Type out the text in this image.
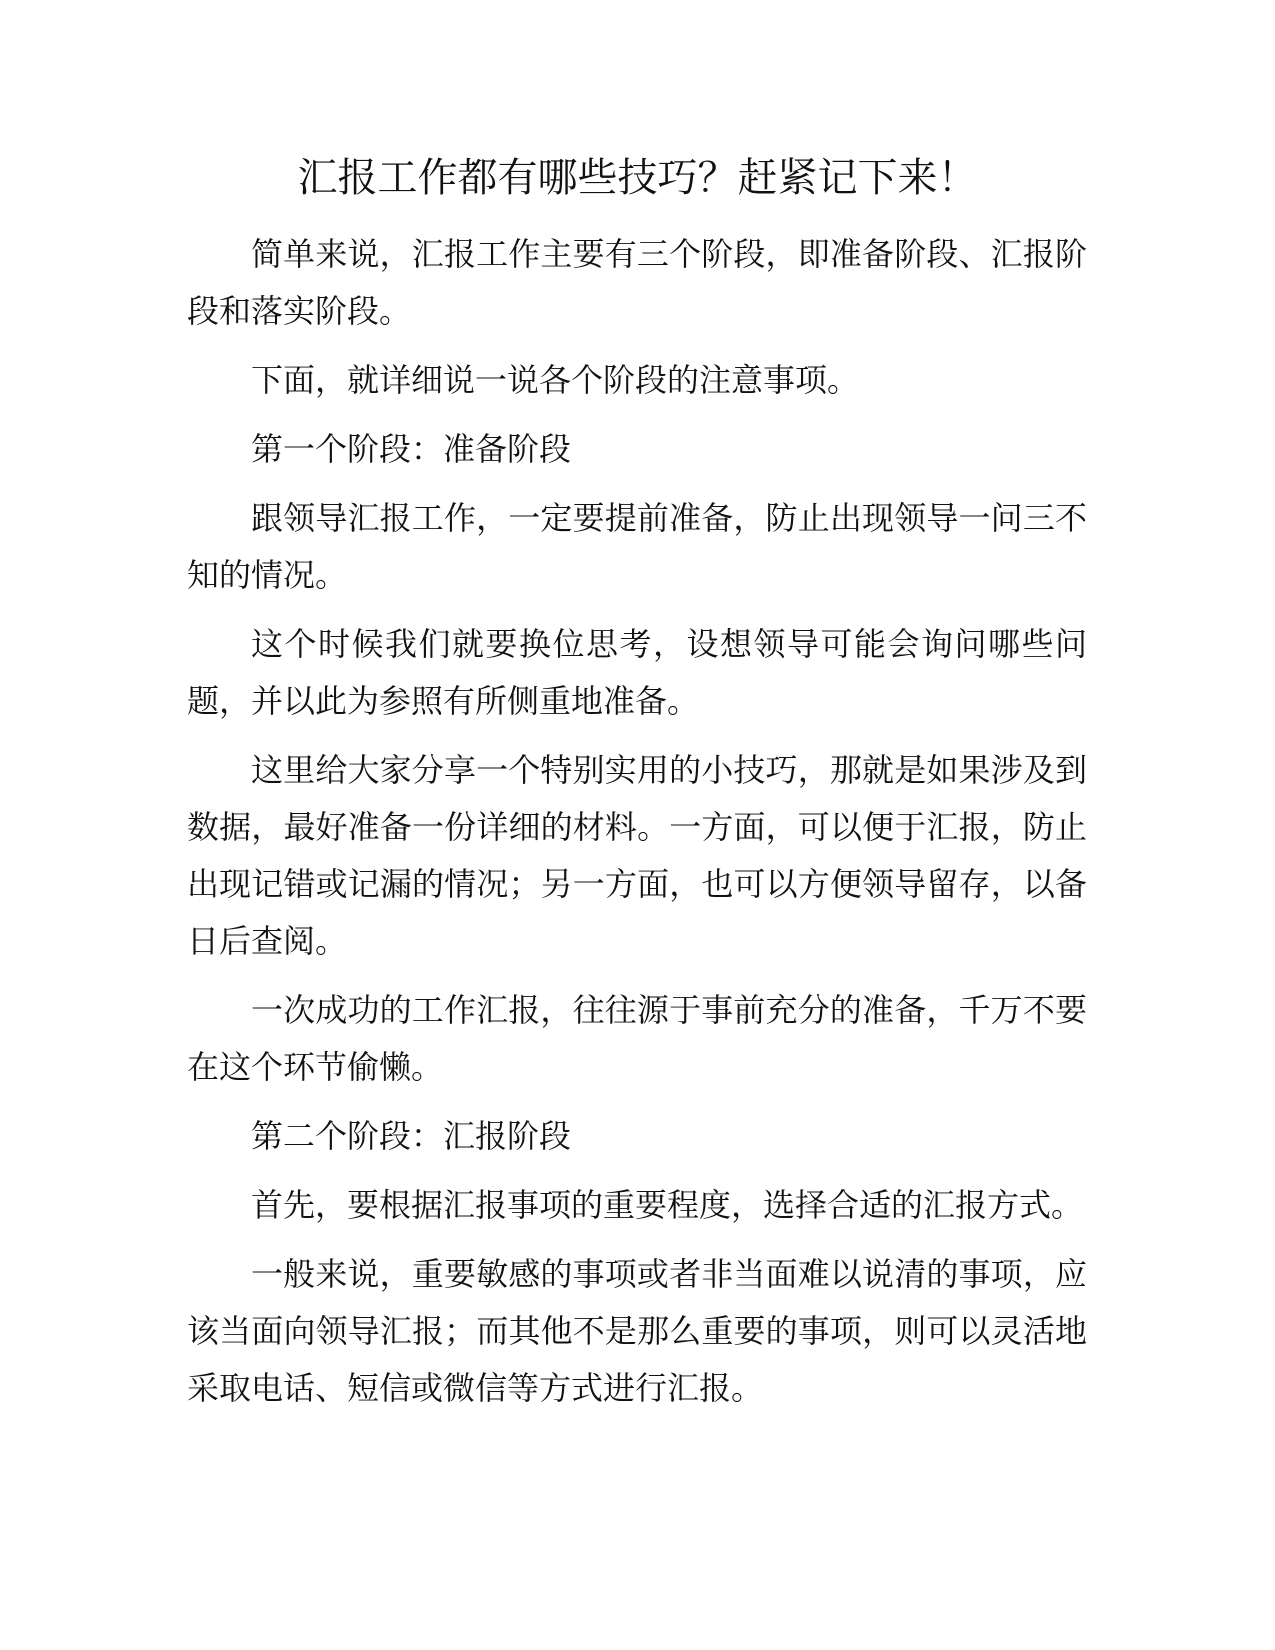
汇报工作都有哪些技巧？赶紧记下来！

简单来说，汇报工作主要有三个阶段，即准备阶段、汇报阶段和落实阶段。

下面，就详细说一说各个阶段的注意事项。

第一个阶段：准备阶段

跟领导汇报工作，一定要提前准备，防止出现领导一问三不知的情况。

这个时候我们就要换位思考，设想领导可能会询问哪些问题，并以此为参照有所侧重地准备。

这里给大家分享一个特别实用的小技巧，那就是如果涉及到数据，最好准备一份详细的材料。一方面，可以便于汇报，防止出现记错或记漏的情况；另一方面，也可以方便领导留存，以备日后查阅。

一次成功的工作汇报，往往源于事前充分的准备，千万不要在这个环节偷懒。

第二个阶段：汇报阶段

首先，要根据汇报事项的重要程度，选择合适的汇报方式。

一般来说，重要敏感的事项或者非当面难以说清的事项，应该当面向领导汇报；而其他不是那么重要的事项，则可以灵活地采取电话、短信或微信等方式进行汇报。
